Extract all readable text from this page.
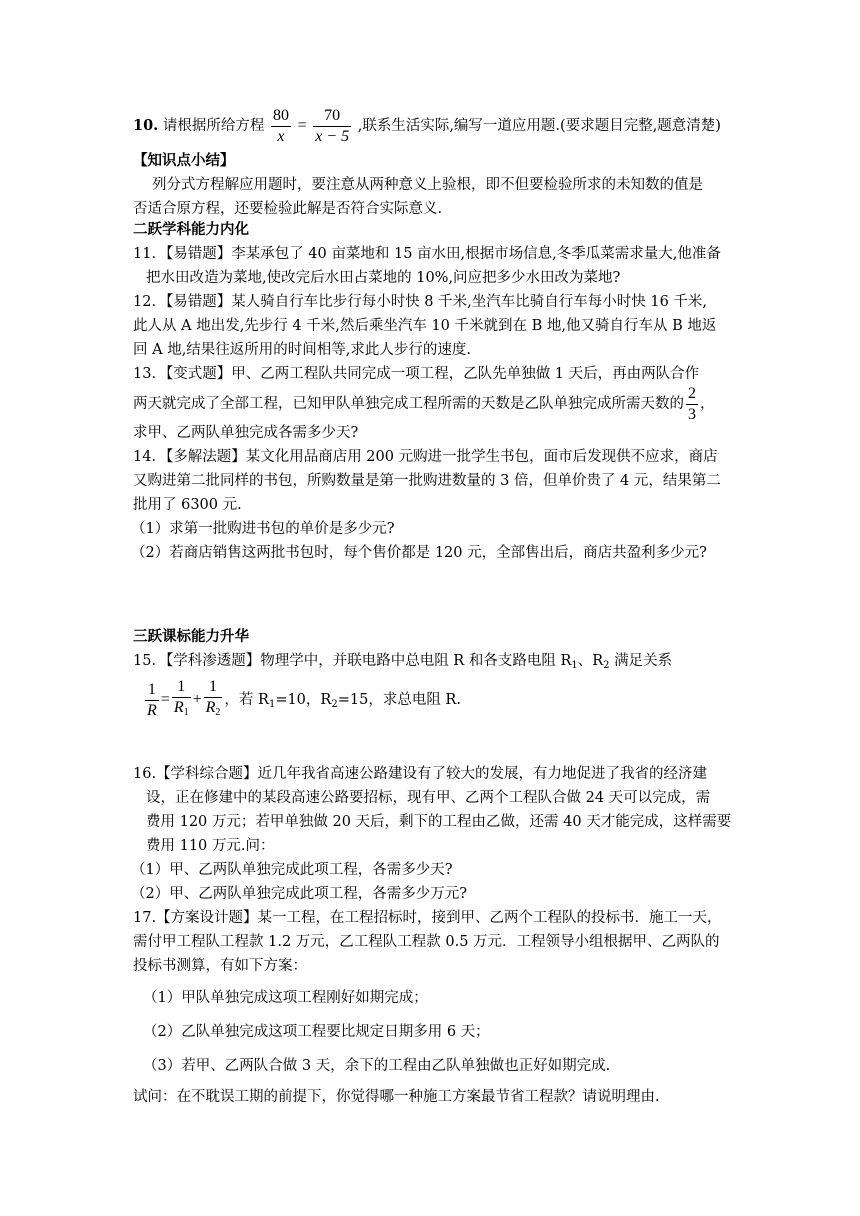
10. 请根据所给方程 $\frac{80}{x} = \frac{70}{x - 5}$ ,联系生活实际,编写一道应用题.(要求题目完整,题意清楚)
【知识点小结】
列分式方程解应用题时，要注意从两种意义上验根，即不但要检验所求的未知数的值是
否适合原方程，还要检验此解是否符合实际意义.
二跃学科能力内化
11．【易错题】李某承包了 40 亩菜地和 15 亩水田,根据市场信息,冬季瓜菜需求量大,他准备
把水田改造为菜地,使改完后水田占菜地的 10%,问应把多少水田改为菜地?
12．【易错题】某人骑自行车比步行每小时快 8 千米,坐汽车比骑自行车每小时快 16 千米,
此人从 A 地出发,先步行 4 千米,然后乘坐汽车 10 千米就到在 B 地,他又骑自行车从 B 地返
回 A 地,结果往返所用的时间相等,求此人步行的速度.
13．【变式题】甲、乙两工程队共同完成一项工程，乙队先单独做 1 天后，再由两队合作
两天就完成了全部工程，已知甲队单独完成工程所需的天数是乙队单独完成所需天数的 $\frac{2}{3}$ ，
求甲、乙两队单独完成各需多少天?
14．【多解法题】某文化用品商店用 200 元购进一批学生书包，面市后发现供不应求，商店
又购进第二批同样的书包，所购数量是第一批购进数量的 3 倍，但单价贵了 4 元，结果第二
批用了 6300 元.
（1）求第一批购进书包的单价是多少元?
（2）若商店销售这两批书包时，每个售价都是 120 元，全部售出后，商店共盈利多少元?
三跃课标能力升华
15．【学科渗透题】物理学中，并联电路中总电阻 R 和各支路电阻 $R_1$、$R_2$ 满足关系
$\frac{1}{R} = \frac{1}{R_1} + \frac{1}{R_2}$ ，若 $R_1=10$，$R_2=15$，求总电阻 R.
16.【学科综合题】近几年我省高速公路建设有了较大的发展，有力地促进了我省的经济建
设，正在修建中的某段高速公路要招标，现有甲、乙两个工程队合做 24 天可以完成，需
费用 120 万元；若甲单独做 20 天后，剩下的工程由乙做，还需 40 天才能完成，这样需要
费用 110 万元.问：
（1）甲、乙两队单独完成此项工程，各需多少天?
（2）甲、乙两队单独完成此项工程，各需多少万元?
17.【方案设计题】某一工程，在工程招标时，接到甲、乙两个工程队的投标书．施工一天，
需付甲工程队工程款 1.2 万元，乙工程队工程款 0.5 万元．工程领导小组根据甲、乙两队的
投标书测算，有如下方案：
（1）甲队单独完成这项工程刚好如期完成；
（2）乙队单独完成这项工程要比规定日期多用 6 天；
（3）若甲、乙两队合做 3 天，余下的工程由乙队单独做也正好如期完成.
试问：在不耽误工期的前提下，你觉得哪一种施工方案最节省工程款？请说明理由.
